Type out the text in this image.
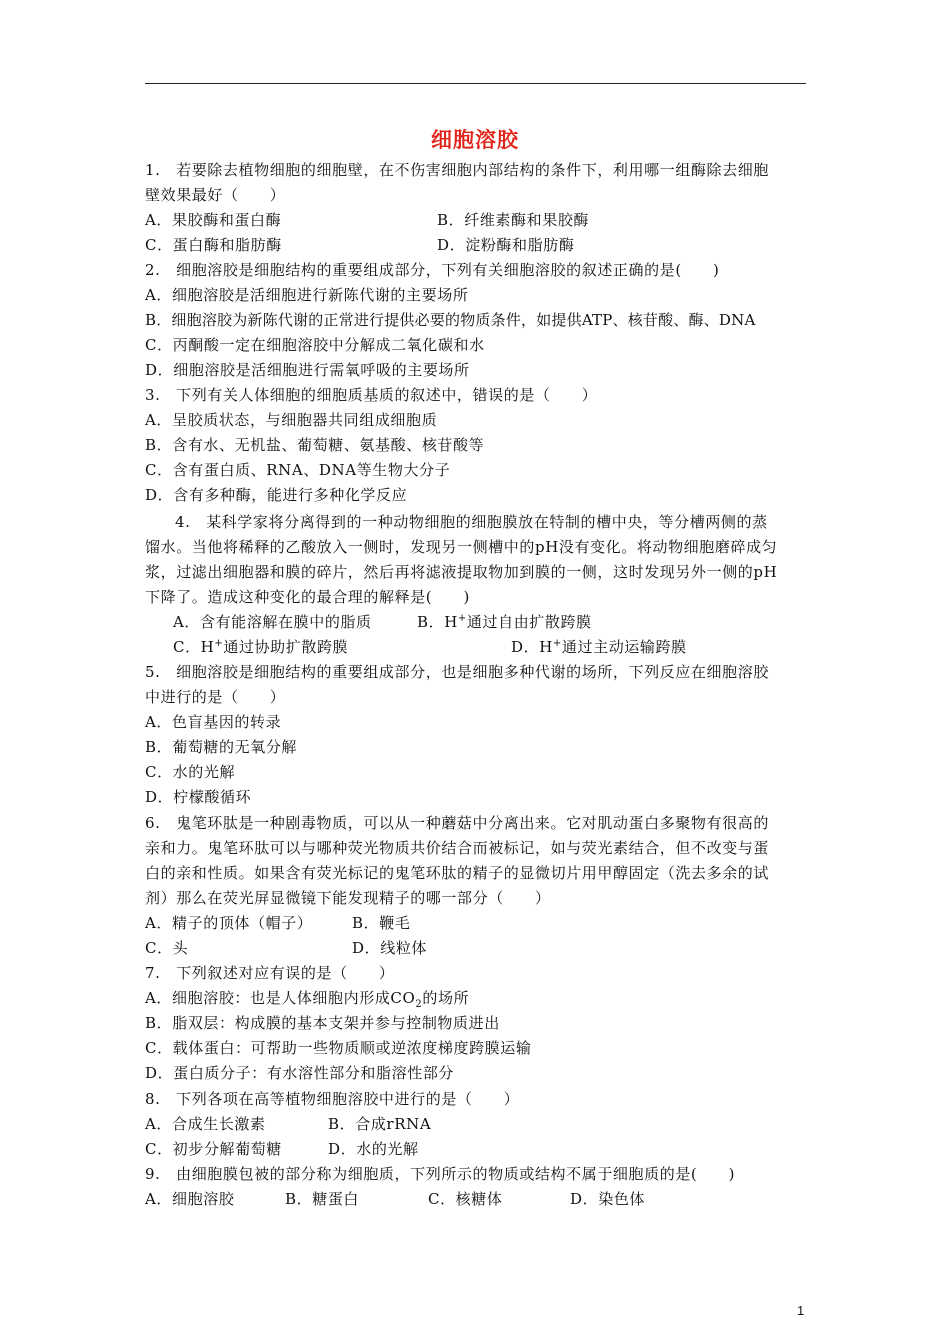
细胞溶胶
1.　若要除去植物细胞的细胞壁，在不伤害细胞内部结构的条件下，利用哪一组酶除去细胞
壁效果最好（　　）
A．果胶酶和蛋白酶	B．纤维素酶和果胶酶
C．蛋白酶和脂肪酶	D．淀粉酶和脂肪酶
2.　细胞溶胶是细胞结构的重要组成部分，下列有关细胞溶胶的叙述正确的是(　　)
A．细胞溶胶是活细胞进行新陈代谢的主要场所
B．细胞溶胶为新陈代谢的正常进行提供必要的物质条件，如提供ATP、核苷酸、酶、DNA
C．丙酮酸一定在细胞溶胶中分解成二氧化碳和水
D．细胞溶胶是活细胞进行需氧呼吸的主要场所
3.　下列有关人体细胞的细胞质基质的叙述中，错误的是（　　）
A．呈胶质状态，与细胞器共同组成细胞质
B．含有水、无机盐、葡萄糖、氨基酸、核苷酸等
C．含有蛋白质、RNA、DNA等生物大分子
D．含有多种酶，能进行多种化学反应
4.　某科学家将分离得到的一种动物细胞的细胞膜放在特制的槽中央，等分槽两侧的蒸
馏水。当他将稀释的乙酸放入一侧时，发现另一侧槽中的pH没有变化。将动物细胞磨碎成匀
浆，过滤出细胞器和膜的碎片，然后再将滤液提取物加到膜的一侧，这时发现另外一侧的pH
下降了。造成这种变化的最合理的解释是(　　)
A．含有能溶解在膜中的脂质	B．H+通过自由扩散跨膜
C．H+通过协助扩散跨膜	D．H+通过主动运输跨膜
5.　细胞溶胶是细胞结构的重要组成部分，也是细胞多种代谢的场所，下列反应在细胞溶胶
中进行的是（　　）
A．色盲基因的转录
B．葡萄糖的无氧分解
C．水的光解
D．柠檬酸循环
6.　鬼笔环肽是一种剧毒物质，可以从一种蘑菇中分离出来。它对肌动蛋白多聚物有很高的
亲和力。鬼笔环肽可以与哪种荧光物质共价结合而被标记，如与荧光素结合，但不改变与蛋
白的亲和性质。如果含有荧光标记的鬼笔环肽的精子的显微切片用甲醇固定（洗去多余的试
剂）那么在荧光屏显微镜下能发现精子的哪一部分（　　）
A．精子的顶体（帽子）	B．鞭毛
C．头	D．线粒体
7.　下列叙述对应有误的是（　　）
A．细胞溶胶：也是人体细胞内形成$CO_2$的场所
B．脂双层：构成膜的基本支架并参与控制物质进出
C．载体蛋白：可帮助一些物质顺或逆浓度梯度跨膜运输
D．蛋白质分子：有水溶性部分和脂溶性部分
8.　下列各项在高等植物细胞溶胶中进行的是（　　）
A．合成生长激素	B．合成rRNA
C．初步分解葡萄糖	D．水的光解
9.　由细胞膜包被的部分称为细胞质，下列所示的物质或结构不属于细胞质的是(　　)
A．细胞溶胶	B．糖蛋白	C．核糖体	D．染色体
1
